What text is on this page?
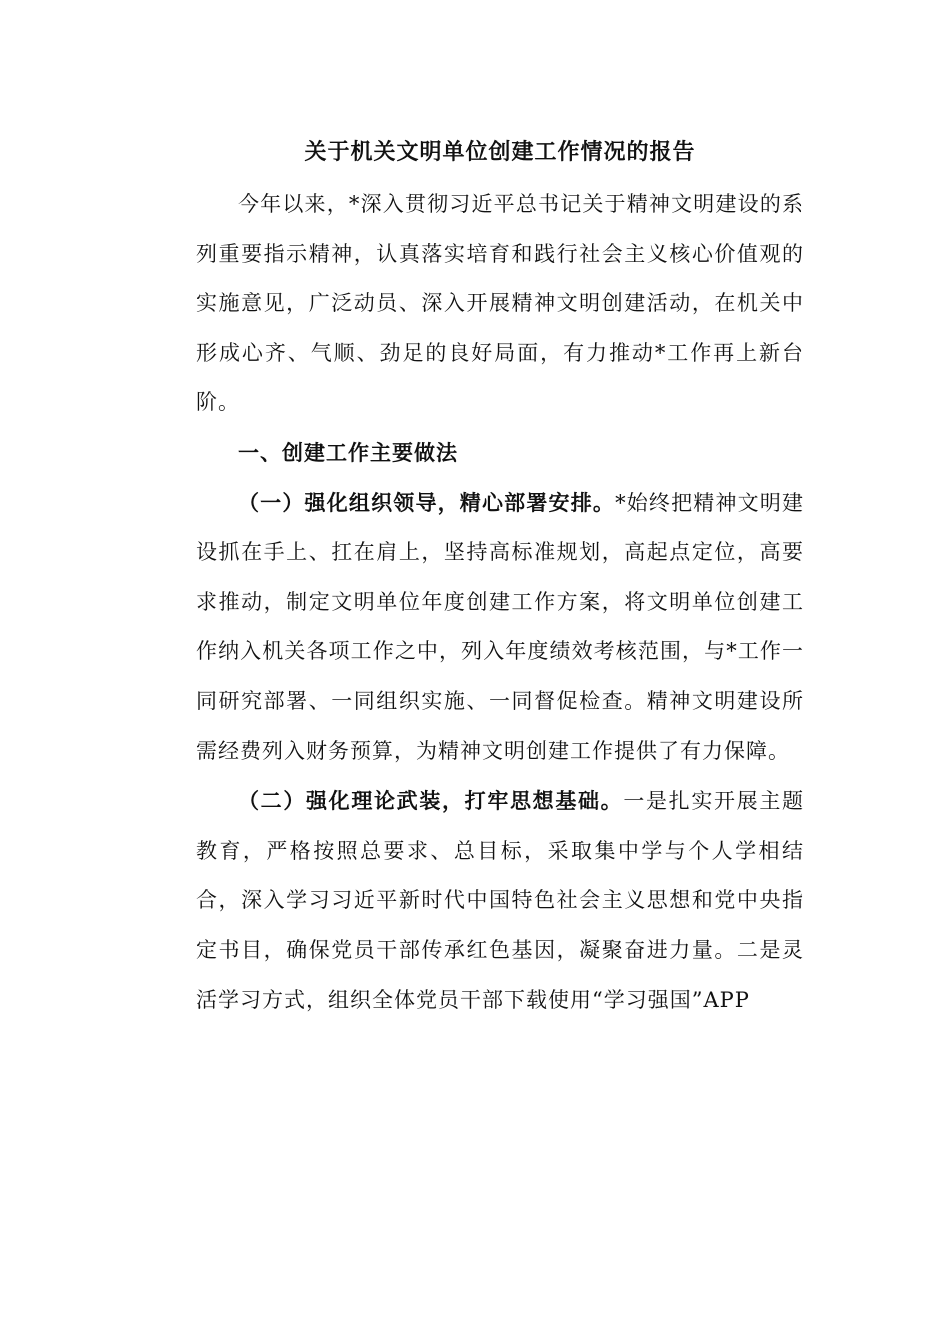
关于机关文明单位创建工作情况的报告

今年以来，*深入贯彻习近平总书记关于精神文明建设的系列重要指示精神，认真落实培育和践行社会主义核心价值观的实施意见，广泛动员、深入开展精神文明创建活动，在机关中形成心齐、气顺、劲足的良好局面，有力推动*工作再上新台阶。

一、创建工作主要做法

（一）强化组织领导，精心部署安排。*始终把精神文明建设抓在手上、扛在肩上，坚持高标准规划，高起点定位，高要求推动，制定文明单位年度创建工作方案，将文明单位创建工作纳入机关各项工作之中，列入年度绩效考核范围，与*工作一同研究部署、一同组织实施、一同督促检查。精神文明建设所需经费列入财务预算，为精神文明创建工作提供了有力保障。

（二）强化理论武装，打牢思想基础。一是扎实开展主题教育，严格按照总要求、总目标，采取集中学与个人学相结合，深入学习习近平新时代中国特色社会主义思想和党中央指定书目，确保党员干部传承红色基因，凝聚奋进力量。二是灵活学习方式，组织全体党员干部下载使用“学习强国”APP
